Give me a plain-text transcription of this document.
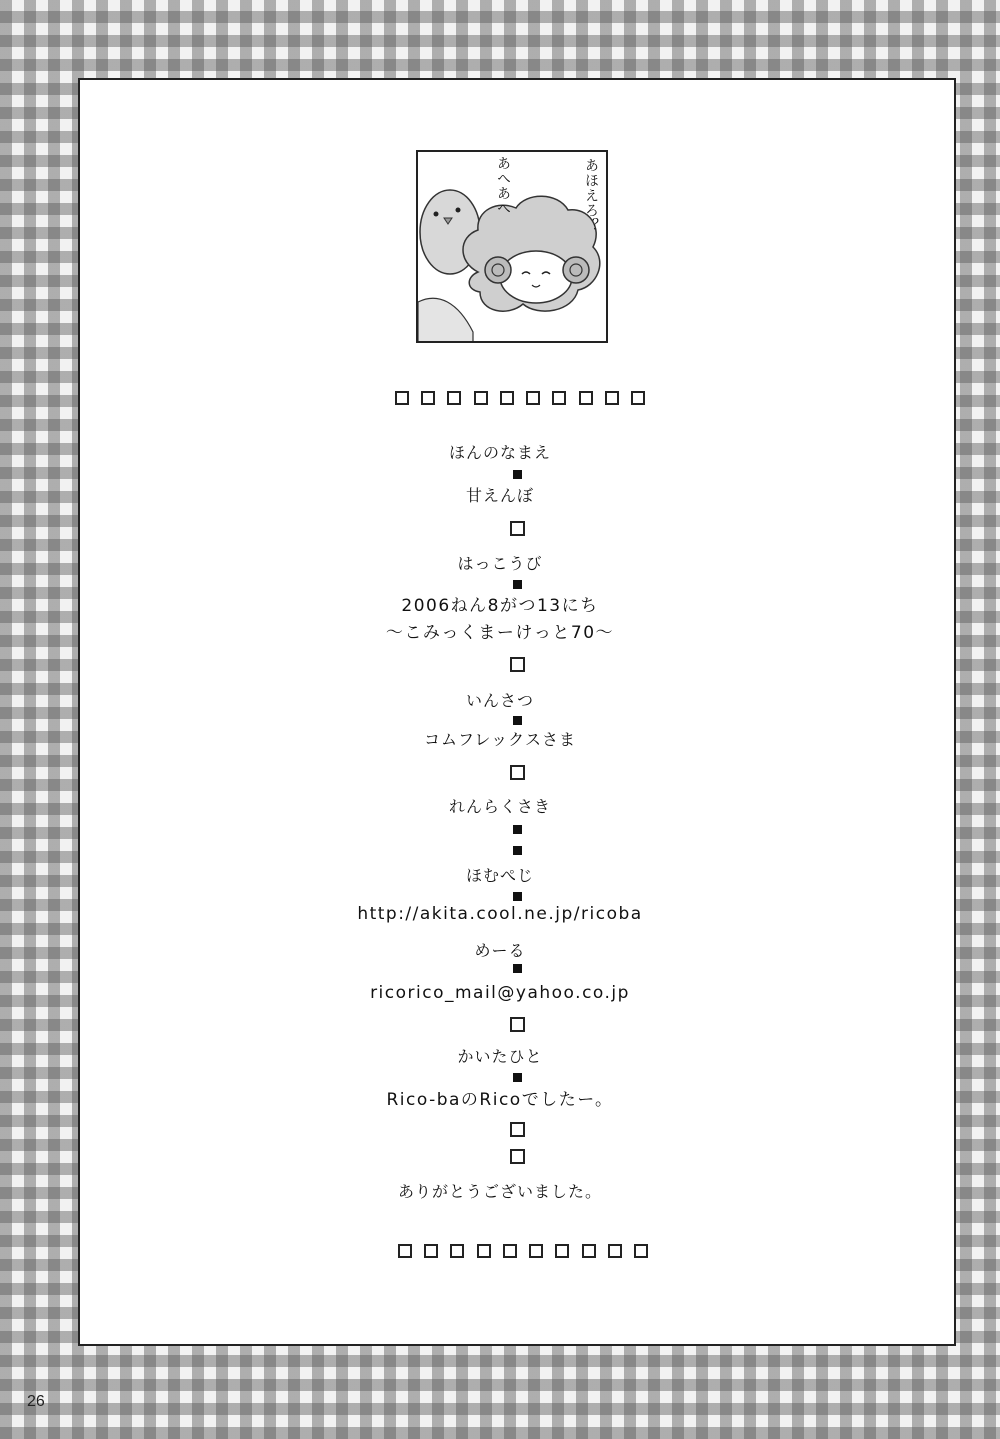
あほえろ？
あへあへ
ほんのなまえ
甘えんぼ
はっこうび
2006ねん8がつ13にち
〜こみっくまーけっと70〜
いんさつ
コムフレックスさま
れんらくさき
ほむぺじ
http://akita.cool.ne.jp/ricoba
めーる
ricorico_mail@yahoo.co.jp
かいたひと
Rico-baのRicoでしたー。
ありがとうございました。
26
